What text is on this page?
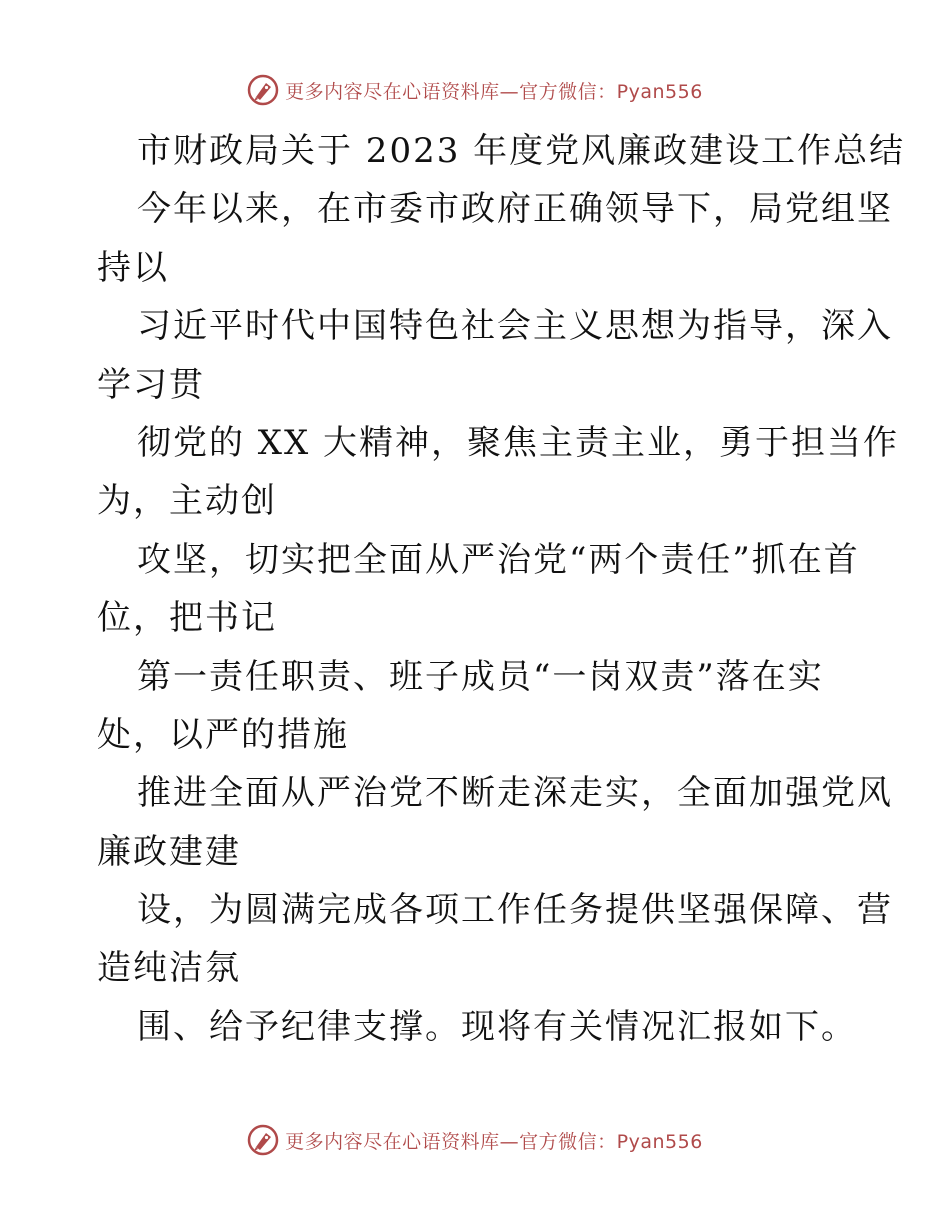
更多内容尽在心语资料库—官方微信：Pyan556
市财政局关于 2023 年度党风廉政建设工作总结
今年以来，在市委市政府正确领导下，局党组坚
持以
习近平时代中国特色社会主义思想为指导，深入
学习贯
彻党的 XX 大精神，聚焦主责主业，勇于担当作
为，主动创
攻坚，切实把全面从严治党“两个责任”抓在首
位，把书记
第一责任职责、班子成员“一岗双责”落在实
处，以严的措施
推进全面从严治党不断走深走实，全面加强党风
廉政建建
设，为圆满完成各项工作任务提供坚强保障、营
造纯洁氛
围、给予纪律支撑。现将有关情况汇报如下。
更多内容尽在心语资料库—官方微信：Pyan556
